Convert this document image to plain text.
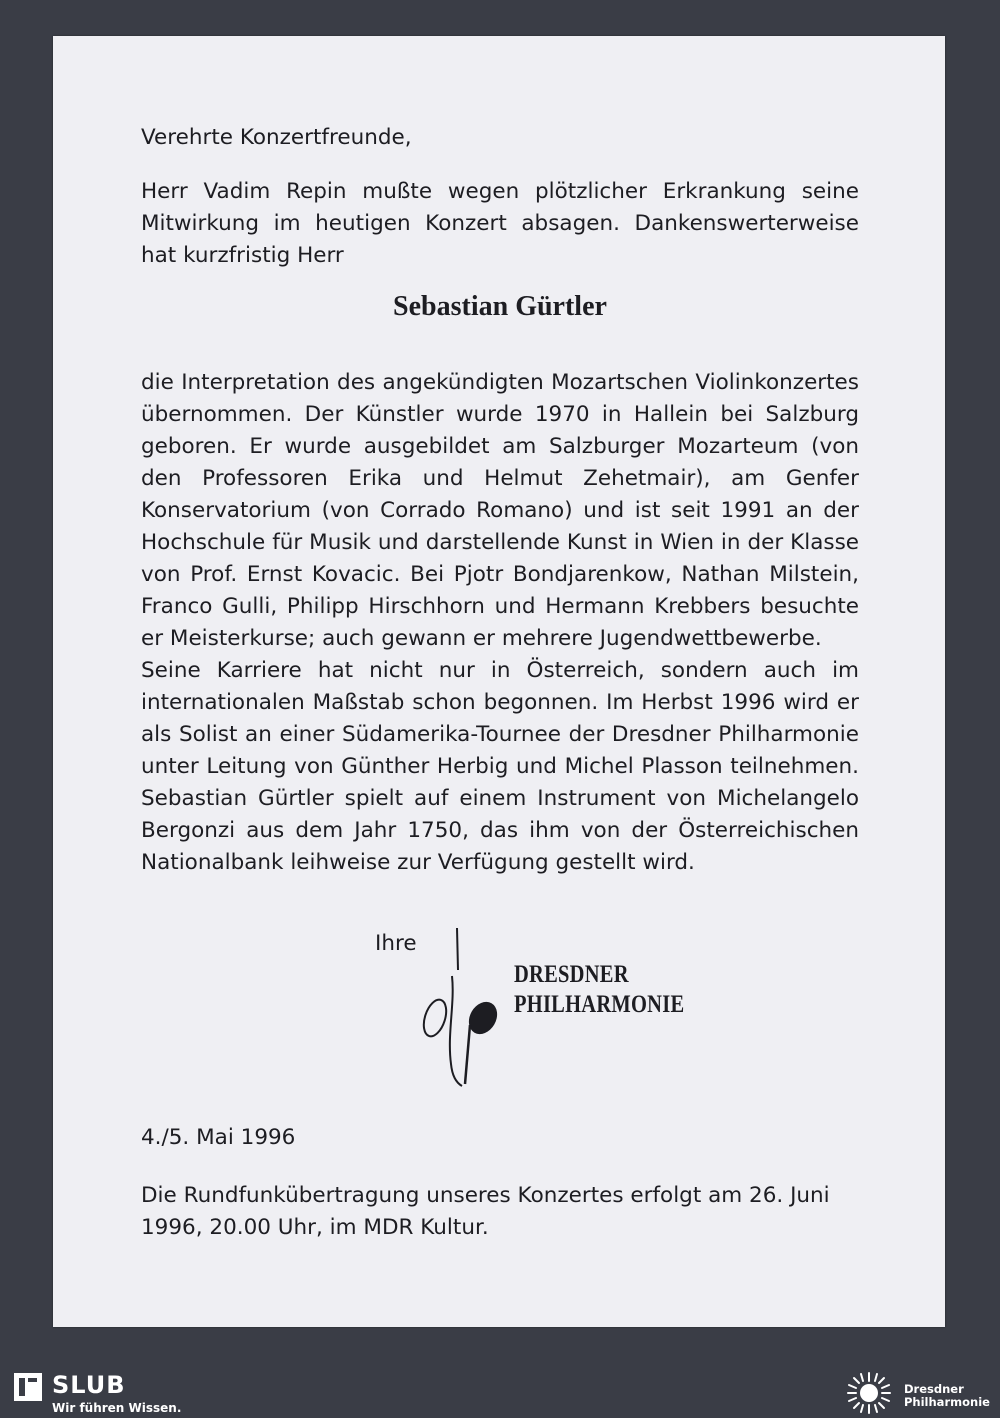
Verehrte Konzertfreunde,
Herr Vadim Repin mußte wegen plötzlicher Erkrankung seine Mitwirkung im heutigen Konzert absagen. Dankenswerterweise hat kurzfristig Herr
Sebastian Gürtler

die Interpretation des angekündigten Mozartschen Violinkonzertes übernommen. Der Künstler wurde 1970 in Hallein bei Salzburg geboren. Er wurde ausgebildet am Salzburger Mozarteum (von den Professoren Erika und Helmut Zehetmair), am Genfer Konservatorium (von Corrado Romano) und ist seit 1991 an der Hochschule für Musik und darstellende Kunst in Wien in der Klasse von Prof. Ernst Kovacic. Bei Pjotr Bondjarenkow, Nathan Milstein, Franco Gulli, Philipp Hirschhorn und Hermann Krebbers besuchte er Meisterkurse; auch gewann er mehrere Jugendwettbewerbe.

Seine Karriere hat nicht nur in Österreich, sondern auch im internationalen Maßstab schon begonnen. Im Herbst 1996 wird er als Solist an einer Südamerika-Tournee der Dresdner Philharmonie unter Leitung von Günther Herbig und Michel Plasson teilnehmen. Sebastian Gürtler spielt auf einem Instrument von Michelangelo Bergonzi aus dem Jahr 1750, das ihm von der Österreichischen Nationalbank leihweise zur Verfügung gestellt wird.

Ihre
DRESDNER
PHILHARMONIE
4./5. Mai 1996
Die Rundfunkübertragung unseres Konzertes erfolgt am 26. Juni 1996, 20.00 Uhr, im MDR Kultur.
SLUB
Wir führen Wissen.
Dresdner
Philharmonie
